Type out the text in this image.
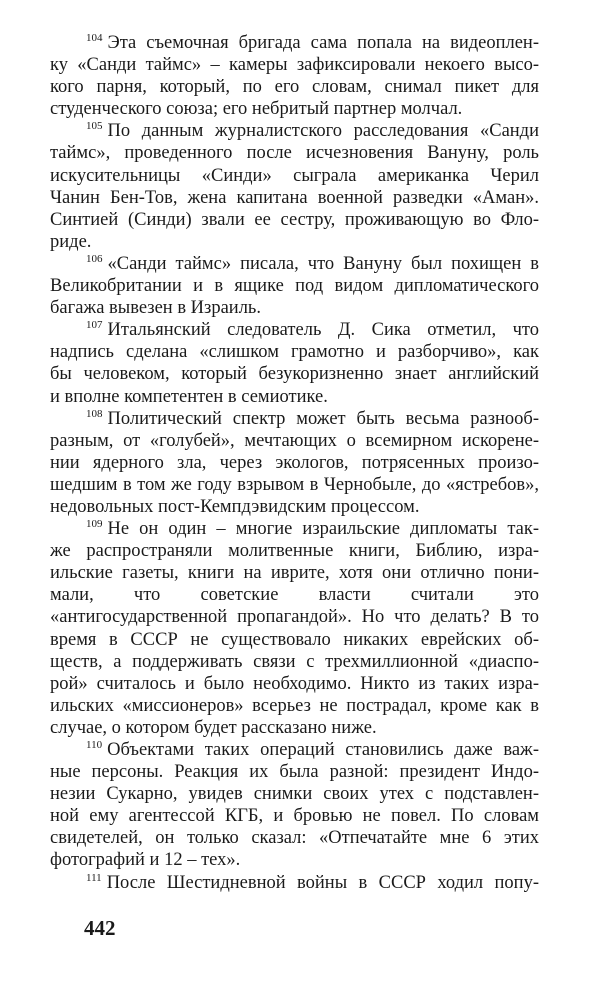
$^{104}$ Эта съемочная бригада сама попала на видеоплен-
ку «Санди таймс» – камеры зафиксировали некоего высо-
кого парня, который, по его словам, снимал пикет для
студенческого союза; его небритый партнер молчал.
$^{105}$ По данным журналистского расследования «Санди
таймс», проведенного после исчезновения Вануну, роль
искусительницы «Синди» сыграла американка Черил
Чанин Бен-Тов, жена капитана военной разведки «Аман».
Синтией (Синди) звали ее сестру, проживающую во Фло-
риде.
$^{106}$ «Санди таймс» писала, что Вануну был похищен в
Великобритании и в ящике под видом дипломатического
багажа вывезен в Израиль.
$^{107}$ Итальянский следователь Д. Сика отметил, что
надпись сделана «слишком грамотно и разборчиво», как
бы человеком, который безукоризненно знает английский
и вполне компетентен в семиотике.
$^{108}$ Политический спектр может быть весьма разнооб-
разным, от «голубей», мечтающих о всемирном искорене-
нии ядерного зла, через экологов, потрясенных произо-
шедшим в том же году взрывом в Чернобыле, до «ястребов»,
недовольных пост-Кемпдэвидским процессом.
$^{109}$ Не он один – многие израильские дипломаты так-
же распространяли молитвенные книги, Библию, изра-
ильские газеты, книги на иврите, хотя они отлично пони-
мали, что советские власти считали это
«антигосударственной пропагандой». Но что делать? В то
время в СССР не существовало никаких еврейских об-
ществ, а поддерживать связи с трехмиллионной «диаспо-
рой» считалось и было необходимо. Никто из таких изра-
ильских «миссионеров» всерьез не пострадал, кроме как в
случае, о котором будет рассказано ниже.
$^{110}$ Объектами таких операций становились даже важ-
ные персоны. Реакция их была разной: президент Индо-
незии Сукарно, увидев снимки своих утех с подставлен-
ной ему агентессой КГБ, и бровью не повел. По словам
свидетелей, он только сказал: «Отпечатайте мне 6 этих
фотографий и 12 – тех».
$^{111}$ После Шестидневной войны в СССР ходил попу-
442
